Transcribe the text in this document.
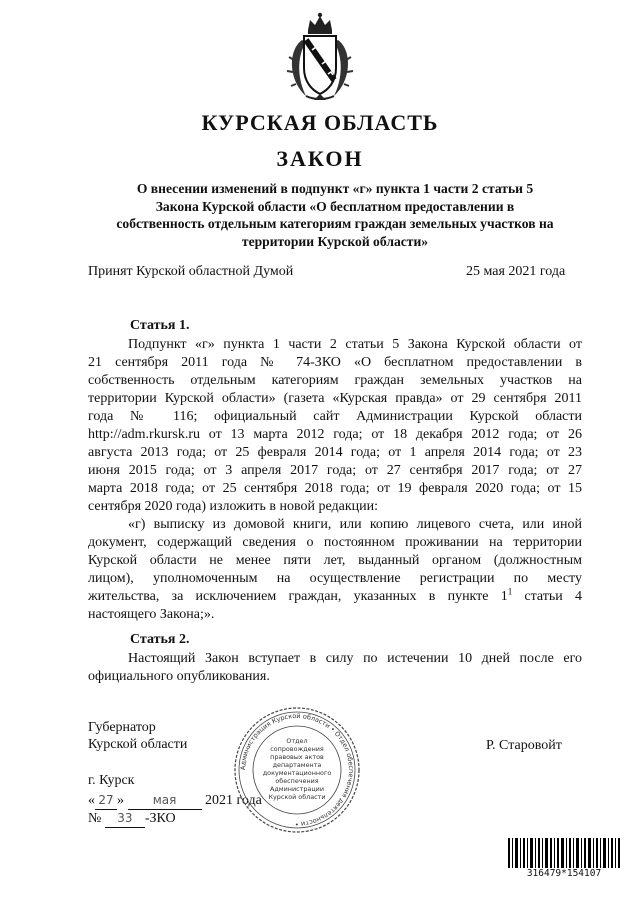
КУРСКАЯ ОБЛАСТЬ
ЗАКОН
О внесении изменений в подпункт «г» пункта 1 части 2 статьи 5
Закона Курской области «О бесплатном предоставлении в
собственность отдельным категориям граждан земельных участков на
территории Курской области»
Принят Курской областной Думой	25 мая 2021 года
Статья 1.
Подпункт «г» пункта 1 части 2 статьи 5 Закона Курской области от
21 сентября 2011 года № 74-ЗКО «О бесплатном предоставлении в
собственность отдельным категориям граждан земельных участков на
территории Курской области» (газета «Курская правда» от 29 сентября 2011
года № 116; официальный сайт Администрации Курской области
http://adm.rkursk.ru от 13 марта 2012 года; от 18 декабря 2012 года; от 26
августа 2013 года; от 25 февраля 2014 года; от 1 апреля 2014 года; от 23
июня 2015 года; от 3 апреля 2017 года; от 27 сентября 2017 года; от 27
марта 2018 года; от 25 сентября 2018 года; от 19 февраля 2020 года; от 15
сентября 2020 года) изложить в новой редакции:
«г) выписку из домовой книги, или копию лицевого счета, или иной
документ, содержащий сведения о постоянном проживании на территории
Курской области не менее пяти лет, выданный органом (должностным
лицом), уполномоченным на осуществление регистрации по месту
жительства, за исключением граждан, указанных в пункте $1^1$ статьи 4
настоящего Закона;».
Статья 2.
Настоящий Закон вступает в силу по истечении 10 дней после его
официального опубликования.
Губернатор
Курской области	Р. Старовойт
г. Курск
« 27 » мая 2021 года
№ 33 -ЗКО
Администрация Курской области • Отдел обеспечения деятельности •
Отдел
сопровождения
правовых актов
департамента
документационного
обеспечения
Администрации
Курской области
316479*154107
